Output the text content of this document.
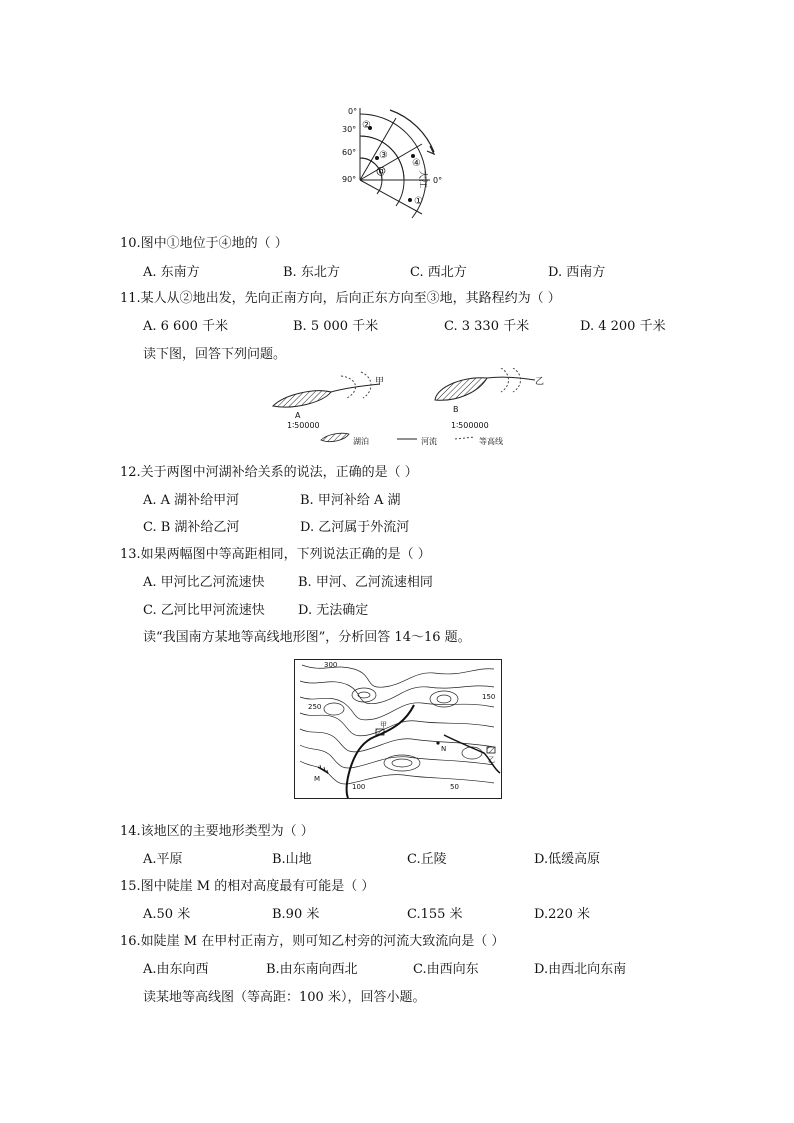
0°
30°
60°
90°	0°
②
③
④
①
@	大江
10.图中①地位于④地的（ ）
A. 东南方	B. 东北方	C. 西北方	D. 西南方
11.某人从②地出发，先向正南方向，后向正东方向至③地，其路程约为（ ）
A. 6 600 千米	B. 5 000 千米	C. 3 330 千米	D. 4 200 千米
读下图，回答下列问题。
甲
A
1∶50000
乙
B
1∶500000
湖泊	河流	等高线
12.关于两图中河湖补给关系的说法，正确的是（ ）
A. A 湖补给甲河	B. 甲河补给 A 湖
C. B 湖补给乙河	D. 乙河属于外流河
13.如果两幅图中等高距相同，下列说法正确的是（ ）
A. 甲河比乙河流速快	B. 甲河、乙河流速相同
C. 乙河比甲河流速快	D. 无法确定
读“我国南方某地等高线地形图”，分析回答 14～16 题。
300
250
150
100	50
甲
乙
M
N
14.该地区的主要地形类型为（ ）
A.平原	B.山地	C.丘陵	D.低缓高原
15.图中陡崖 M 的相对高度最有可能是（ ）
A.50 米	B.90 米	C.155 米	D.220 米
16.如陡崖 M 在甲村正南方，则可知乙村旁的河流大致流向是（ ）
A.由东向西	B.由东南向西北	C.由西向东	D.由西北向东南
读某地等高线图（等高距：100 米），回答小题。
